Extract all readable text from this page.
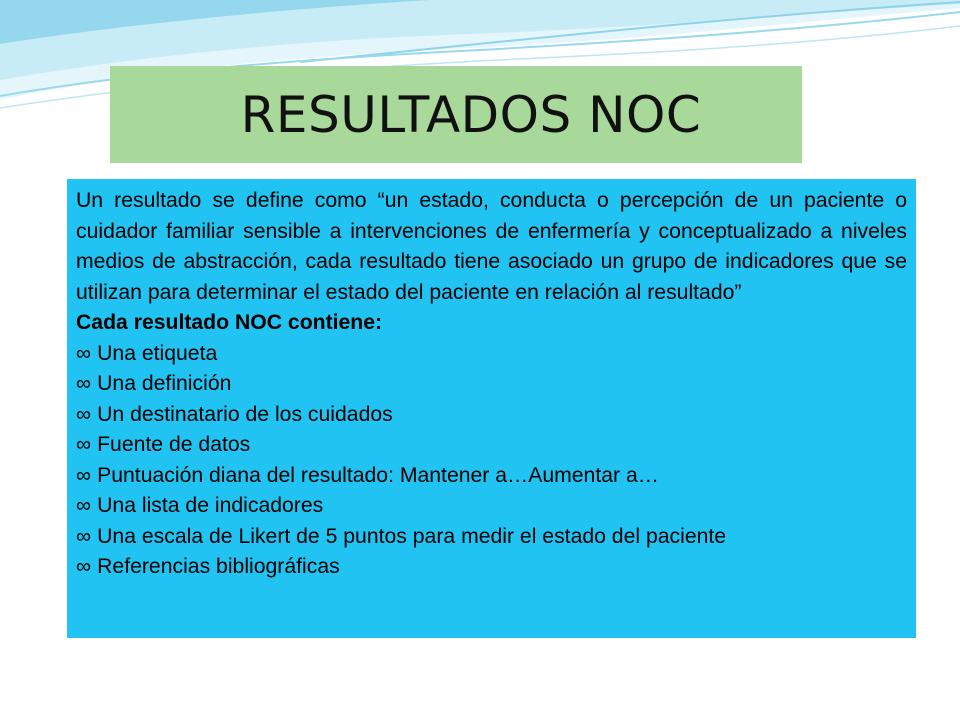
RESULTADOS NOC

Un resultado se define como “un estado, conducta o percepción de un paciente o cuidador familiar sensible a intervenciones de enfermería y conceptualizado a niveles medios de abstracción, cada resultado tiene asociado un grupo de indicadores que se utilizan para determinar el estado del paciente en relación al resultado”

Cada resultado NOC contiene:

∞ Una etiqueta
∞ Una definición
∞ Un destinatario de los cuidados
∞ Fuente de datos
∞ Puntuación diana del resultado: Mantener a…Aumentar a…
∞ Una lista de indicadores
∞ Una escala de Likert de 5 puntos para medir el estado del paciente
∞ Referencias bibliográficas
